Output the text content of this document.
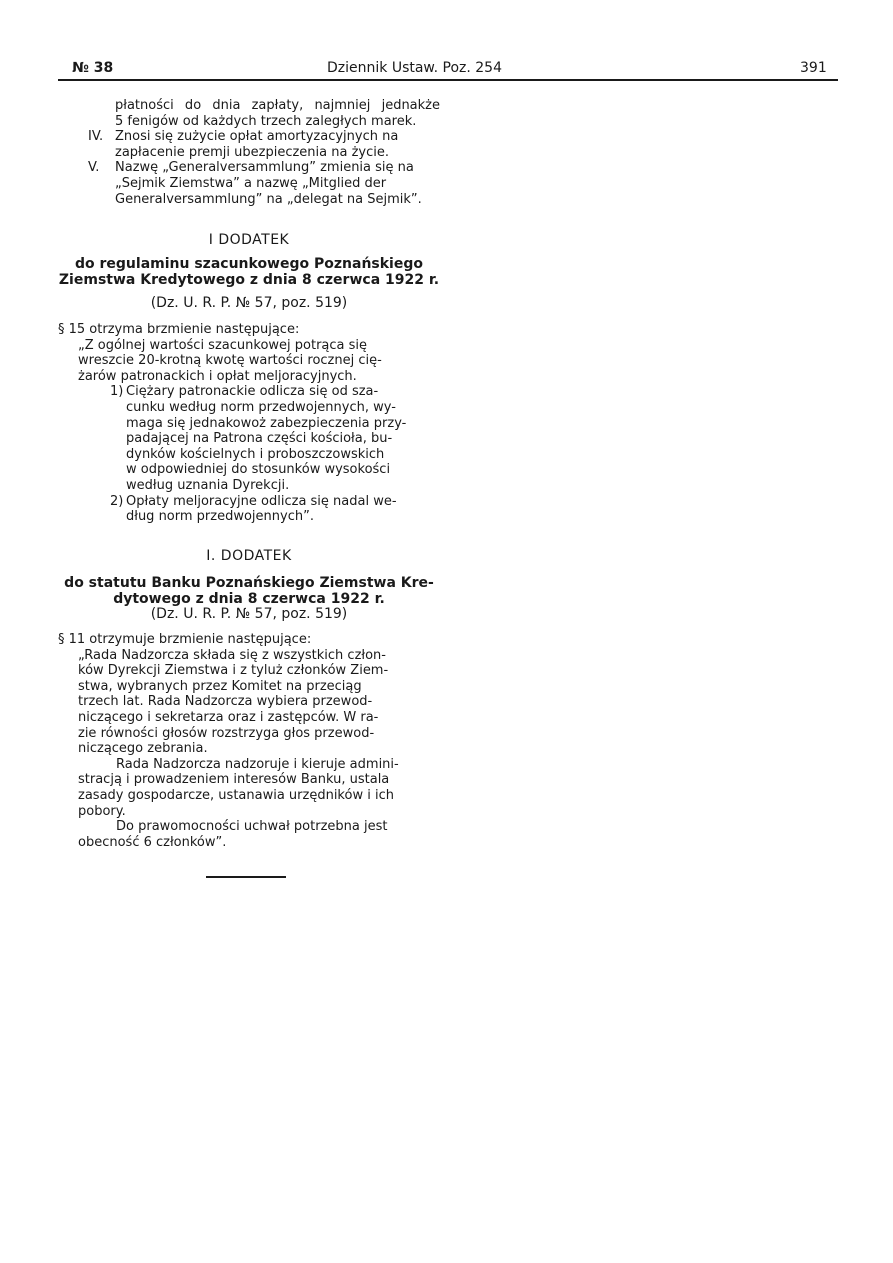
№ 38	Dziennik Ustaw. Poz. 254	391
płatności do dnia zapłaty, najmniej jednakże
5 fenigów od każdych trzech zaległych marek.
IV. Znosi się zużycie opłat amortyzacyjnych na
zapłacenie premji ubezpieczenia na życie.
V. Nazwę „Generalversammlung” zmienia się na
„Sejmik Ziemstwa” a nazwę „Mitglied der
Generalversammlung” na „delegat na Sejmik”.
I DODATEK
do regulaminu szacunkowego Poznańskiego
Ziemstwa Kredytowego z dnia 8 czerwca 1922 r.
(Dz. U. R. P. № 57, poz. 519)
§ 15 otrzyma brzmienie następujące:
„Z ogólnej wartości szacunkowej potrąca się
wreszcie 20-krotną kwotę wartości rocznej cię-
żarów patronackich i opłat meljoracyjnych.
1) Ciężary patronackie odlicza się od sza-
cunku według norm przedwojennych, wy-
maga się jednakowoż zabezpieczenia przy-
padającej na Patrona części kościoła, bu-
dynków kościelnych i proboszczowskich
w odpowiedniej do stosunków wysokości
według uznania Dyrekcji.
2) Opłaty meljoracyjne odlicza się nadal we-
dług norm przedwojennych”.
I. DODATEK
do statutu Banku Poznańskiego Ziemstwa Kre-
dytowego z dnia 8 czerwca 1922 r.
(Dz. U. R. P. № 57, poz. 519)
§ 11 otrzymuje brzmienie następujące:
„Rada Nadzorcza składa się z wszystkich człon-
ków Dyrekcji Ziemstwa i z tyluż członków Ziem-
stwa, wybranych przez Komitet na przeciąg
trzech lat. Rada Nadzorcza wybiera przewod-
niczącego i sekretarza oraz i zastępców. W ra-
zie równości głosów rozstrzyga głos przewod-
niczącego zebrania.
Rada Nadzorcza nadzoruje i kieruje admini-
stracją i prowadzeniem interesów Banku, ustala
zasady gospodarcze, ustanawia urzędników i ich
pobory.
Do prawomocności uchwał potrzebna jest
obecność 6 członków”.
